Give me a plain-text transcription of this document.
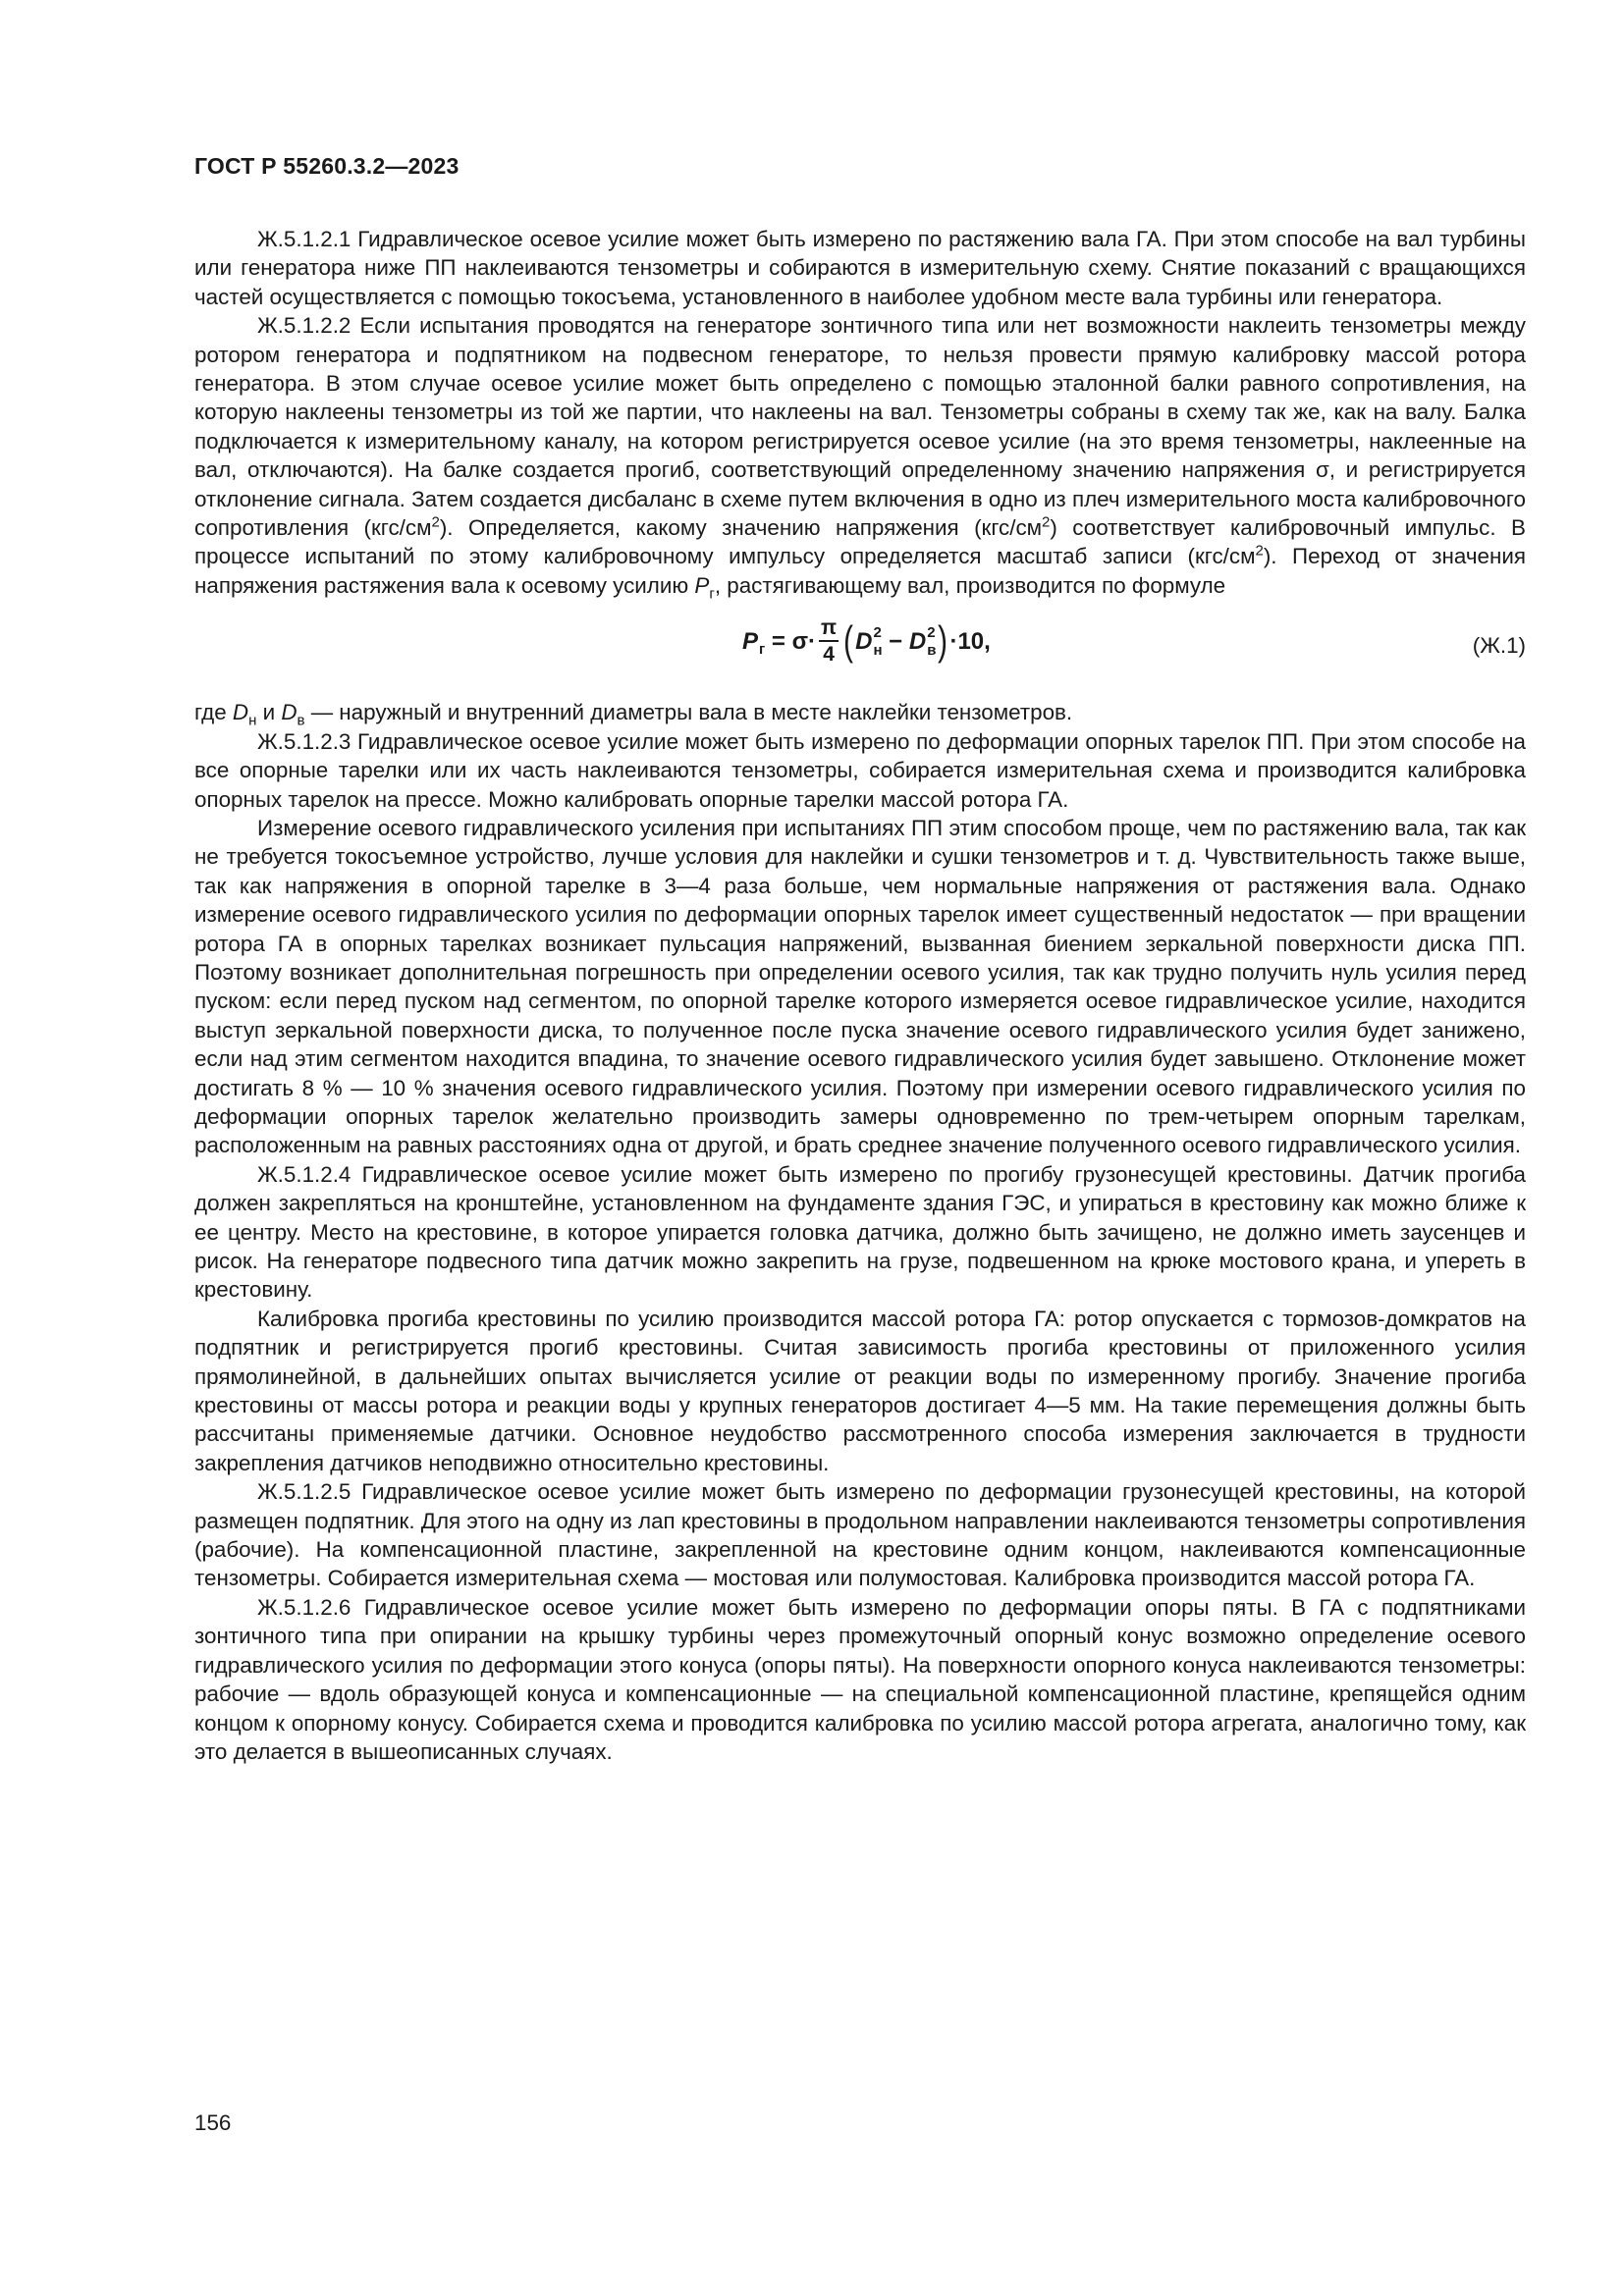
ГОСТ Р 55260.3.2—2023

Ж.5.1.2.1 Гидравлическое осевое усилие может быть измерено по растяжению вала ГА. При этом способе на вал турбины или генератора ниже ПП наклеиваются тензометры и собираются в измерительную схему. Снятие показаний с вращающихся частей осуществляется с помощью токосъема, установленного в наиболее удобном месте вала турбины или генератора.

Ж.5.1.2.2 Если испытания проводятся на генераторе зонтичного типа или нет возможности наклеить тензометры между ротором генератора и подпятником на подвесном генераторе, то нельзя провести прямую калибровку массой ротора генератора. В этом случае осевое усилие может быть определено с помощью эталонной балки равного сопротивления, на которую наклеены тензометры из той же партии, что наклеены на вал. Тензометры собраны в схему так же, как на валу. Балка подключается к измерительному каналу, на котором регистрируется осевое усилие (на это время тензометры, наклеенные на вал, отключаются). На балке создается прогиб, соответствующий определенному значению напряжения σ, и регистрируется отклонение сигнала. Затем создается дисбаланс в схеме путем включения в одно из плеч измерительного моста калибровочного сопротивления $(кгс/см^2)$. Определяется, какому значению напряжения $(кгс/см^2)$ соответствует калибровочный импульс. В процессе испытаний по этому калибровочному импульсу определяется масштаб записи $(кгс/см^2)$. Переход от значения напряжения растяжения вала к осевому усилию $P_г$, растягивающему вал, производится по формуле

P $г = \sigma\cdot \frac{\pi}{4}$ ( D 2
н − D 2
в ) ·10,	(Ж.1)

где $D_н$ и $D_в$ — наружный и внутренний диаметры вала в месте наклейки тензометров.

Ж.5.1.2.3 Гидравлическое осевое усилие может быть измерено по деформации опорных тарелок ПП. При этом способе на все опорные тарелки или их часть наклеиваются тензометры, собирается измерительная схема и производится калибровка опорных тарелок на прессе. Можно калибровать опорные тарелки массой ротора ГА.

Измерение осевого гидравлического усиления при испытаниях ПП этим способом проще, чем по растяжению вала, так как не требуется токосъемное устройство, лучше условия для наклейки и сушки тензометров и т. д. Чувствительность также выше, так как напряжения в опорной тарелке в 3—4 раза больше, чем нормальные напряжения от растяжения вала. Однако измерение осевого гидравлического усилия по деформации опорных тарелок имеет существенный недостаток — при вращении ротора ГА в опорных тарелках возникает пульсация напряжений, вызванная биением зеркальной поверхности диска ПП. Поэтому возникает дополнительная погрешность при определении осевого усилия, так как трудно получить нуль усилия перед пуском: если перед пуском над сегментом, по опорной тарелке которого измеряется осевое гидравлическое усилие, находится выступ зеркальной поверхности диска, то полученное после пуска значение осевого гидравлического усилия будет занижено, если над этим сегментом находится впадина, то значение осевого гидравлического усилия будет завышено. Отклонение может достигать 8 % — 10 % значения осевого гидравлического усилия. Поэтому при измерении осевого гидравлического усилия по деформации опорных тарелок желательно производить замеры одновременно по трем-четырем опорным тарелкам, расположенным на равных расстояниях одна от другой, и брать среднее значение полученного осевого гидравлического усилия.

Ж.5.1.2.4 Гидравлическое осевое усилие может быть измерено по прогибу грузонесущей крестовины. Датчик прогиба должен закрепляться на кронштейне, установленном на фундаменте здания ГЭС, и упираться в крестовину как можно ближе к ее центру. Место на крестовине, в которое упирается головка датчика, должно быть зачищено, не должно иметь заусенцев и рисок. На генераторе подвесного типа датчик можно закрепить на грузе, подвешенном на крюке мостового крана, и упереть в крестовину.

Калибровка прогиба крестовины по усилию производится массой ротора ГА: ротор опускается с тормозов-домкратов на подпятник и регистрируется прогиб крестовины. Считая зависимость прогиба крестовины от приложенного усилия прямолинейной, в дальнейших опытах вычисляется усилие от реакции воды по измеренному прогибу. Значение прогиба крестовины от массы ротора и реакции воды у крупных генераторов достигает 4—5 мм. На такие перемещения должны быть рассчитаны применяемые датчики. Основное неудобство рассмотренного способа измерения заключается в трудности закрепления датчиков неподвижно относительно крестовины.

Ж.5.1.2.5 Гидравлическое осевое усилие может быть измерено по деформации грузонесущей крестовины, на которой размещен подпятник. Для этого на одну из лап крестовины в продольном направлении наклеиваются тензометры сопротивления (рабочие). На компенсационной пластине, закрепленной на крестовине одним концом, наклеиваются компенсационные тензометры. Собирается измерительная схема — мостовая или полумостовая. Калибровка производится массой ротора ГА.

Ж.5.1.2.6 Гидравлическое осевое усилие может быть измерено по деформации опоры пяты. В ГА с подпятниками зонтичного типа при опирании на крышку турбины через промежуточный опорный конус возможно определение осевого гидравлического усилия по деформации этого конуса (опоры пяты). На поверхности опорного конуса наклеиваются тензометры: рабочие — вдоль образующей конуса и компенсационные — на специальной компенсационной пластине, крепящейся одним концом к опорному конусу. Собирается схема и проводится калибровка по усилию массой ротора агрегата, аналогично тому, как это делается в вышеописанных случаях.

156
